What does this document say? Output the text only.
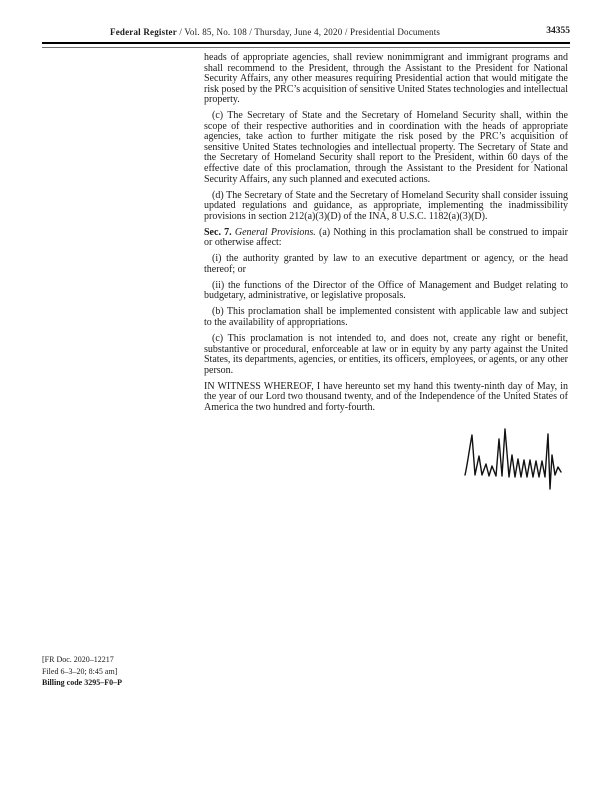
Federal Register / Vol. 85, No. 108 / Thursday, June 4, 2020 / Presidential Documents	34355

heads of appropriate agencies, shall review nonimmigrant and immigrant programs and shall recommend to the President, through the Assistant to the President for National Security Affairs, any other measures requiring Presidential action that would mitigate the risk posed by the PRC’s acquisition of sensitive United States technologies and intellectual property.

(c) The Secretary of State and the Secretary of Homeland Security shall, within the scope of their respective authorities and in coordination with the heads of appropriate agencies, take action to further mitigate the risk posed by the PRC’s acquisition of sensitive United States technologies and intellectual property. The Secretary of State and the Secretary of Homeland Security shall report to the President, within 60 days of the effective date of this proclamation, through the Assistant to the President for National Security Affairs, any such planned and executed actions.

(d) The Secretary of State and the Secretary of Homeland Security shall consider issuing updated regulations and guidance, as appropriate, implementing the inadmissibility provisions in section 212(a)(3)(D) of the INA, 8 U.S.C. 1182(a)(3)(D).

Sec. 7. General Provisions. (a) Nothing in this proclamation shall be construed to impair or otherwise affect:

(i) the authority granted by law to an executive department or agency, or the head thereof; or

(ii) the functions of the Director of the Office of Management and Budget relating to budgetary, administrative, or legislative proposals.

(b) This proclamation shall be implemented consistent with applicable law and subject to the availability of appropriations.

(c) This proclamation is not intended to, and does not, create any right or benefit, substantive or procedural, enforceable at law or in equity by any party against the United States, its departments, agencies, or entities, its officers, employees, or agents, or any other person.

IN WITNESS WHEREOF, I have hereunto set my hand this twenty-ninth day of May, in the year of our Lord two thousand twenty, and of the Independence of the United States of America the two hundred and forty-fourth.

[FR Doc. 2020–12217
Filed 6–3–20; 8:45 am]
Billing code 3295–F0–P
